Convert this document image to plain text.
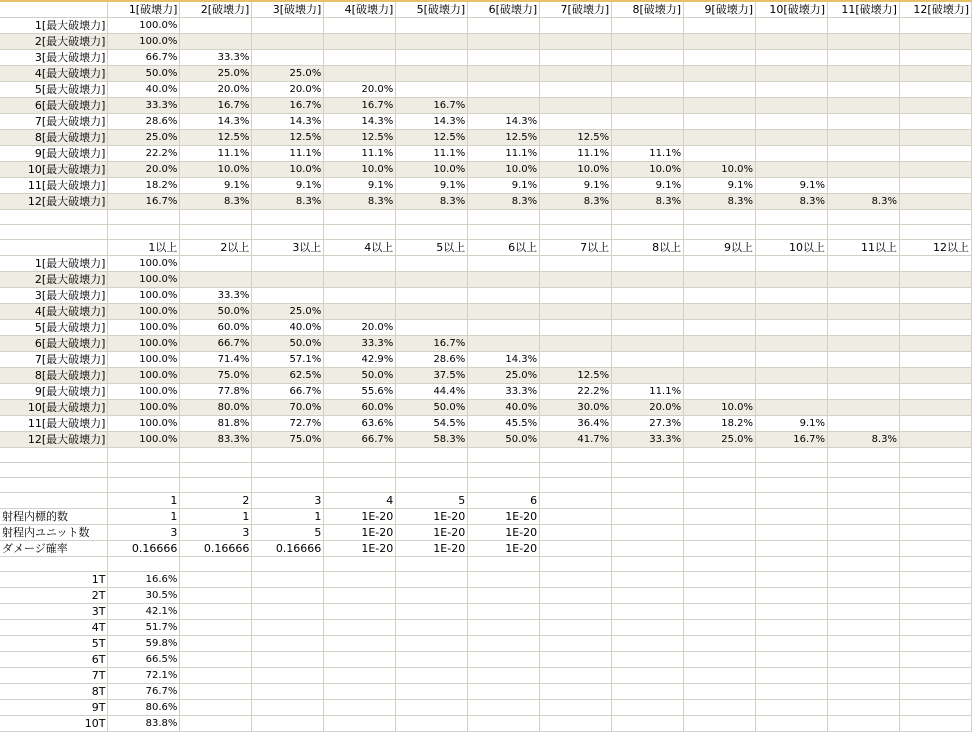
	1[破壊力]	2[破壊力]	3[破壊力]	4[破壊力]	5[破壊力]	6[破壊力]	7[破壊力]	8[破壊力]	9[破壊力]	10[破壊力]	11[破壊力]	12[破壊力]
1[最大破壊力]	100.0%											
2[最大破壊力]	100.0%											
3[最大破壊力]	66.7%	33.3%										
4[最大破壊力]	50.0%	25.0%	25.0%									
5[最大破壊力]	40.0%	20.0%	20.0%	20.0%								
6[最大破壊力]	33.3%	16.7%	16.7%	16.7%	16.7%							
7[最大破壊力]	28.6%	14.3%	14.3%	14.3%	14.3%	14.3%						
8[最大破壊力]	25.0%	12.5%	12.5%	12.5%	12.5%	12.5%	12.5%					
9[最大破壊力]	22.2%	11.1%	11.1%	11.1%	11.1%	11.1%	11.1%	11.1%				
10[最大破壊力]	20.0%	10.0%	10.0%	10.0%	10.0%	10.0%	10.0%	10.0%	10.0%			
11[最大破壊力]	18.2%	9.1%	9.1%	9.1%	9.1%	9.1%	9.1%	9.1%	9.1%	9.1%		
12[最大破壊力]	16.7%	8.3%	8.3%	8.3%	8.3%	8.3%	8.3%	8.3%	8.3%	8.3%	8.3%	

	1以上	2以上	3以上	4以上	5以上	6以上	7以上	8以上	9以上	10以上	11以上	12以上
1[最大破壊力]	100.0%											
2[最大破壊力]	100.0%											
3[最大破壊力]	100.0%	33.3%										
4[最大破壊力]	100.0%	50.0%	25.0%									
5[最大破壊力]	100.0%	60.0%	40.0%	20.0%								
6[最大破壊力]	100.0%	66.7%	50.0%	33.3%	16.7%							
7[最大破壊力]	100.0%	71.4%	57.1%	42.9%	28.6%	14.3%						
8[最大破壊力]	100.0%	75.0%	62.5%	50.0%	37.5%	25.0%	12.5%					
9[最大破壊力]	100.0%	77.8%	66.7%	55.6%	44.4%	33.3%	22.2%	11.1%				
10[最大破壊力]	100.0%	80.0%	70.0%	60.0%	50.0%	40.0%	30.0%	20.0%	10.0%			
11[最大破壊力]	100.0%	81.8%	72.7%	63.6%	54.5%	45.5%	36.4%	27.3%	18.2%	9.1%		
12[最大破壊力]	100.0%	83.3%	75.0%	66.7%	58.3%	50.0%	41.7%	33.3%	25.0%	16.7%	8.3%	

	1	2	3	4	5	6						
射程内標的数	1	1	1	1E-20	1E-20	1E-20						
射程内ユニット数	3	3	5	1E-20	1E-20	1E-20						
ダメージ確率	0.16666	0.16666	0.16666	1E-20	1E-20	1E-20						

1T	16.6%											
2T	30.5%											
3T	42.1%											
4T	51.7%											
5T	59.8%											
6T	66.5%											
7T	72.1%											
8T	76.7%											
9T	80.6%											
10T	83.8%											
